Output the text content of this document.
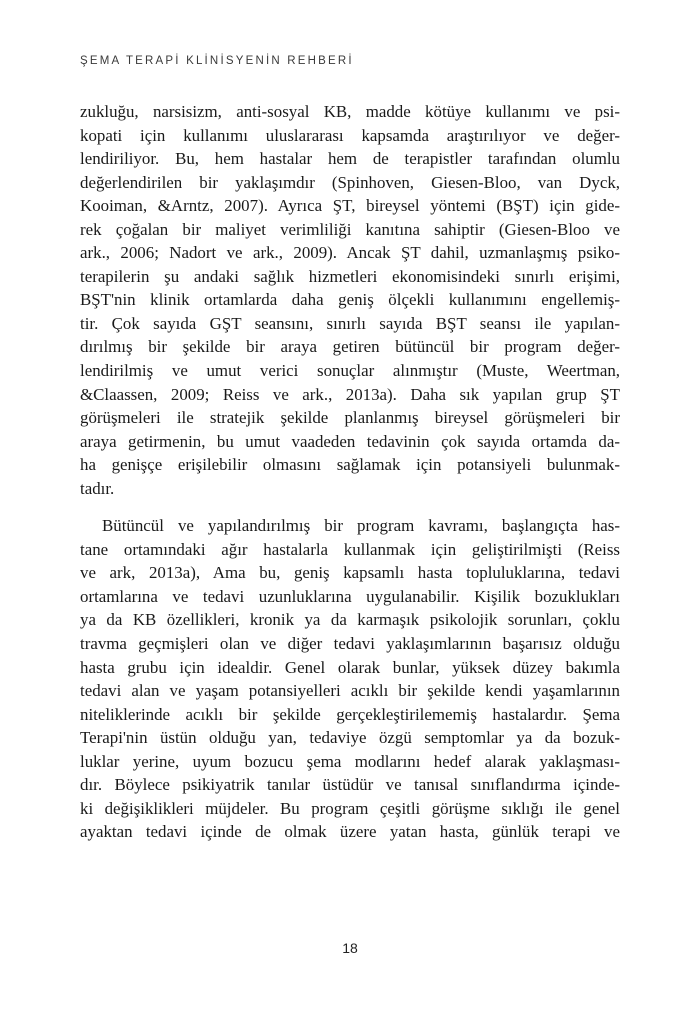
ŞEMA TERAPİ KLİNİSYENİN REHBERİ
zukluğu, narsisizm, anti-sosyal KB, madde kötüye kullanımı ve psi-
kopati için kullanımı uluslararası kapsamda araştırılıyor ve değer-
lendiriliyor. Bu, hem hastalar hem de terapistler tarafından olumlu
değerlendirilen bir yaklaşımdır (Spinhoven, Giesen-Bloo, van Dyck,
Kooiman, &Arntz, 2007). Ayrıca ŞT, bireysel yöntemi (BŞT) için gide-
rek çoğalan bir maliyet verimliliği kanıtına sahiptir (Giesen-Bloo ve
ark., 2006; Nadort ve ark., 2009). Ancak ŞT dahil, uzmanlaşmış psiko-
terapilerin şu andaki sağlık hizmetleri ekonomisindeki sınırlı erişimi,
BŞT'nin klinik ortamlarda daha geniş ölçekli kullanımını engellemiş-
tir. Çok sayıda GŞT seansını, sınırlı sayıda BŞT seansı ile yapılan-
dırılmış bir şekilde bir araya getiren bütüncül bir program değer-
lendirilmiş ve umut verici sonuçlar alınmıştır (Muste, Weertman,
&Claassen, 2009; Reiss ve ark., 2013a). Daha sık yapılan grup ŞT
görüşmeleri ile stratejik şekilde planlanmış bireysel görüşmeleri bir
araya getirmenin, bu umut vaadeden tedavinin çok sayıda ortamda da-
ha genişçe erişilebilir olmasını sağlamak için potansiyeli bulunmak-
tadır.
Bütüncül ve yapılandırılmış bir program kavramı, başlangıçta has-
tane ortamındaki ağır hastalarla kullanmak için geliştirilmişti (Reiss
ve ark, 2013a), Ama bu, geniş kapsamlı hasta topluluklarına, tedavi
ortamlarına ve tedavi uzunluklarına uygulanabilir. Kişilik bozuklukları
ya da KB özellikleri, kronik ya da karmaşık psikolojik sorunları, çoklu
travma geçmişleri olan ve diğer tedavi yaklaşımlarının başarısız olduğu
hasta grubu için idealdir. Genel olarak bunlar, yüksek düzey bakımla
tedavi alan ve yaşam potansiyelleri acıklı bir şekilde kendi yaşamlarının
niteliklerinde acıklı bir şekilde gerçekleştirilememiş hastalardır. Şema
Terapi'nin üstün olduğu yan, tedaviye özgü semptomlar ya da bozuk-
luklar yerine, uyum bozucu şema modlarını hedef alarak yaklaşması-
dır. Böylece psikiyatrik tanılar üstüdür ve tanısal sınıflandırma içinde-
ki değişiklikleri müjdeler. Bu program çeşitli görüşme sıklığı ile genel
ayaktan tedavi içinde de olmak üzere yatan hasta, günlük terapi ve
18
